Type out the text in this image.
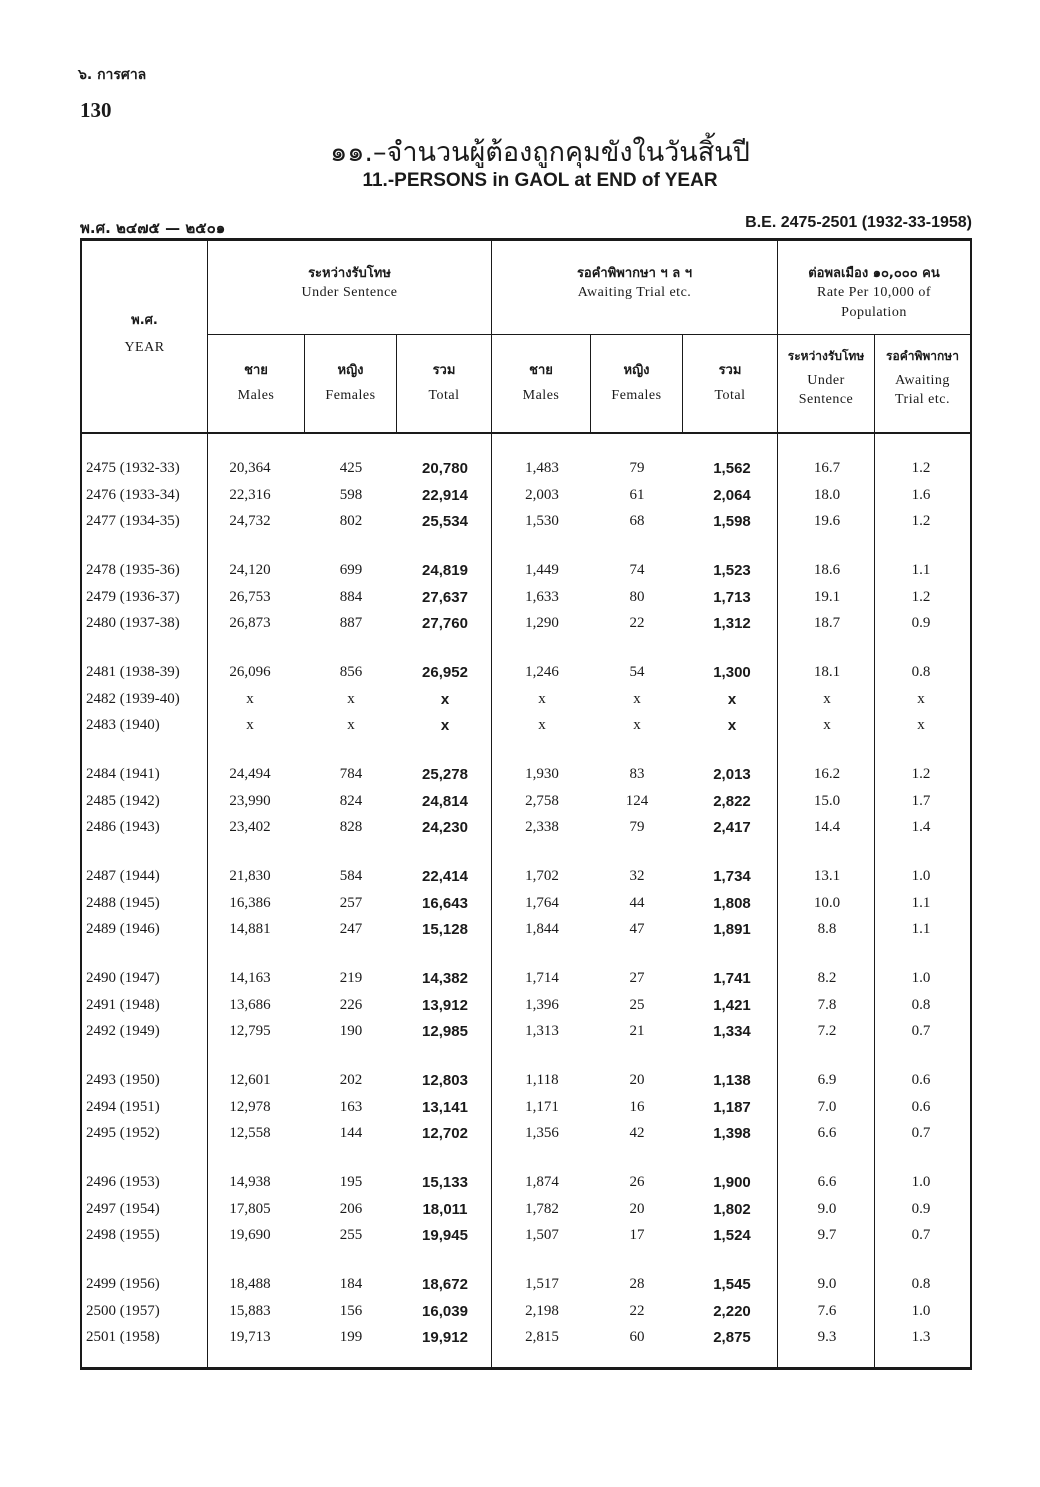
๖. การศาล
130
๑๑.–จำนวนผู้ต้องถูกคุมขังในวันสิ้นปี
11.-PERSONS in GAOL at END of YEAR
พ.ศ. ๒๔๗๕ — ๒๕๐๑	B.E. 2475-2501 (1932-33-1958)
พ.ศ.
YEAR
ระหว่างรับโทษ
Under Sentence
รอคำพิพากษา ฯ ล ฯ
Awaiting Trial etc.
ต่อพลเมือง ๑๐,๐๐๐ คน
Rate Per 10,000 of
Population
ชาย
Males
หญิง
Females
รวม
Total
ชาย
Males
หญิง
Females
รวม
Total
ระหว่างรับโทษ
Under
Sentence
รอคำพิพากษา
Awaiting
Trial etc.
2475 (1932-33)	20,364	425	20,780	1,483	79	1,562	16.7	1.2
2476 (1933-34)	22,316	598	22,914	2,003	61	2,064	18.0	1.6
2477 (1934-35)	24,732	802	25,534	1,530	68	1,598	19.6	1.2
2478 (1935-36)	24,120	699	24,819	1,449	74	1,523	18.6	1.1
2479 (1936-37)	26,753	884	27,637	1,633	80	1,713	19.1	1.2
2480 (1937-38)	26,873	887	27,760	1,290	22	1,312	18.7	0.9
2481 (1938-39)	26,096	856	26,952	1,246	54	1,300	18.1	0.8
2482 (1939-40)	x	x	x	x	x	x	x	x
2483 (1940)	x	x	x	x	x	x	x	x
2484 (1941)	24,494	784	25,278	1,930	83	2,013	16.2	1.2
2485 (1942)	23,990	824	24,814	2,758	124	2,822	15.0	1.7
2486 (1943)	23,402	828	24,230	2,338	79	2,417	14.4	1.4
2487 (1944)	21,830	584	22,414	1,702	32	1,734	13.1	1.0
2488 (1945)	16,386	257	16,643	1,764	44	1,808	10.0	1.1
2489 (1946)	14,881	247	15,128	1,844	47	1,891	8.8	1.1
2490 (1947)	14,163	219	14,382	1,714	27	1,741	8.2	1.0
2491 (1948)	13,686	226	13,912	1,396	25	1,421	7.8	0.8
2492 (1949)	12,795	190	12,985	1,313	21	1,334	7.2	0.7
2493 (1950)	12,601	202	12,803	1,118	20	1,138	6.9	0.6
2494 (1951)	12,978	163	13,141	1,171	16	1,187	7.0	0.6
2495 (1952)	12,558	144	12,702	1,356	42	1,398	6.6	0.7
2496 (1953)	14,938	195	15,133	1,874	26	1,900	6.6	1.0
2497 (1954)	17,805	206	18,011	1,782	20	1,802	9.0	0.9
2498 (1955)	19,690	255	19,945	1,507	17	1,524	9.7	0.7
2499 (1956)	18,488	184	18,672	1,517	28	1,545	9.0	0.8
2500 (1957)	15,883	156	16,039	2,198	22	2,220	7.6	1.0
2501 (1958)	19,713	199	19,912	2,815	60	2,875	9.3	1.3
